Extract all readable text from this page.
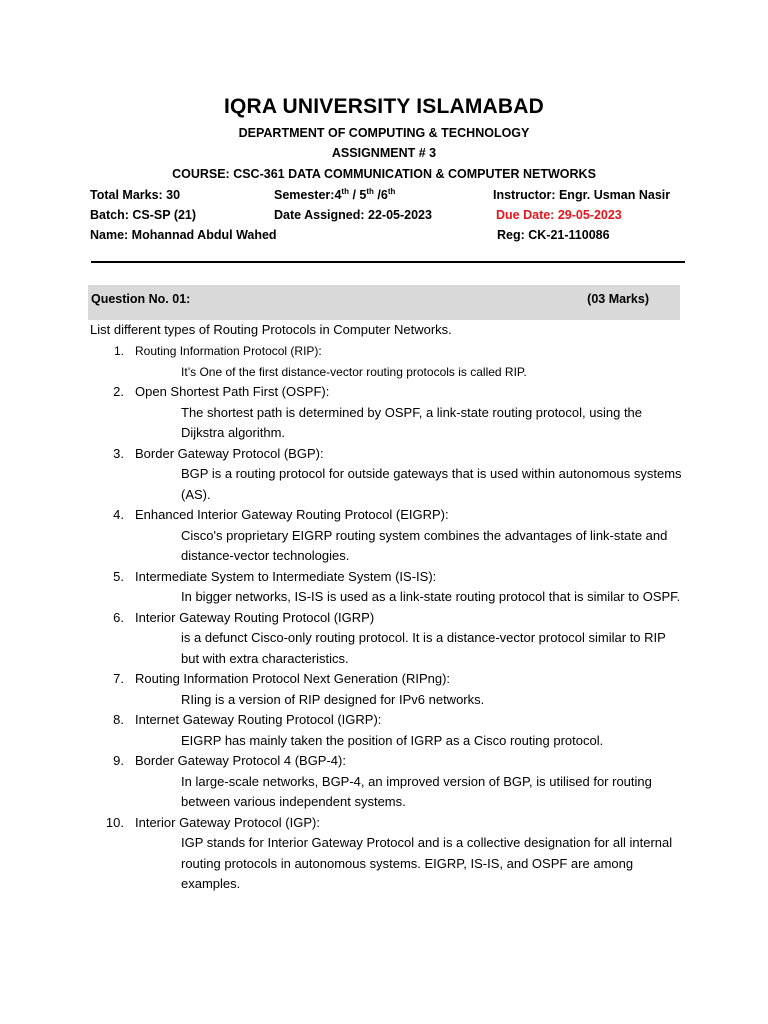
IQRA UNIVERSITY ISLAMABAD
DEPARTMENT OF COMPUTING & TECHNOLOGY
ASSIGNMENT # 3
COURSE: CSC-361 DATA COMMUNICATION & COMPUTER NETWORKS
Total Marks: 30	Semester:4th / 5th /6th	Instructor: Engr. Usman Nasir
Batch: CS-SP (21)	Date Assigned: 22-05-2023	Due Date: 29-05-2023
Name: Mohannad Abdul Wahed	Reg: CK-21-110086
Question No. 01:	(03 Marks)
List different types of Routing Protocols in Computer Networks.
1. Routing Information Protocol (RIP):
It’s One of the first distance-vector routing protocols is called RIP.
2. Open Shortest Path First (OSPF):
The shortest path is determined by OSPF, a link-state routing protocol, using the Dijkstra algorithm.
3. Border Gateway Protocol (BGP):
BGP is a routing protocol for outside gateways that is used within autonomous systems (AS).
4. Enhanced Interior Gateway Routing Protocol (EIGRP):
Cisco's proprietary EIGRP routing system combines the advantages of link-state and distance-vector technologies.
5. Intermediate System to Intermediate System (IS-IS):
In bigger networks, IS-IS is used as a link-state routing protocol that is similar to OSPF.
6. Interior Gateway Routing Protocol (IGRP)
is a defunct Cisco-only routing protocol. It is a distance-vector protocol similar to RIP but with extra characteristics.
7. Routing Information Protocol Next Generation (RIPng):
RIing is a version of RIP designed for IPv6 networks.
8. Internet Gateway Routing Protocol (IGRP):
EIGRP has mainly taken the position of IGRP as a Cisco routing protocol.
9. Border Gateway Protocol 4 (BGP-4):
In large-scale networks, BGP-4, an improved version of BGP, is utilised for routing between various independent systems.
10. Interior Gateway Protocol (IGP):
IGP stands for Interior Gateway Protocol and is a collective designation for all internal routing protocols in autonomous systems. EIGRP, IS-IS, and OSPF are among examples.
